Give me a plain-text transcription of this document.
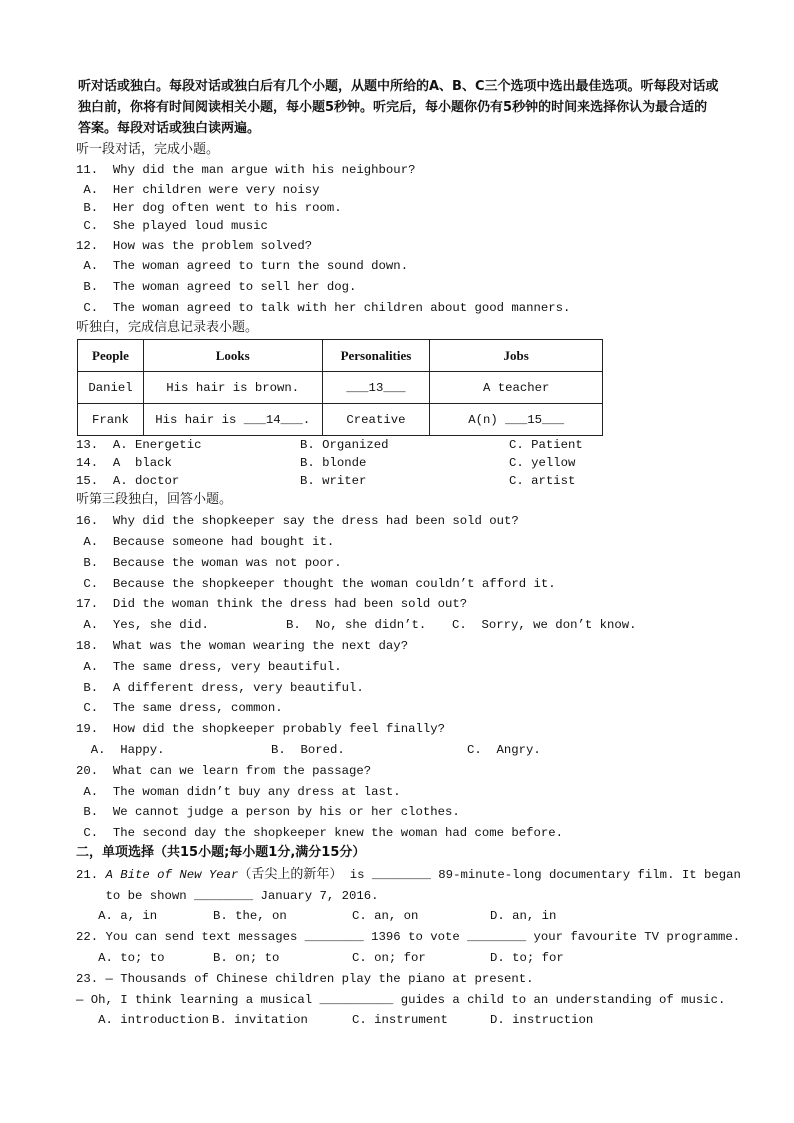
听对话或独白。每段对话或独白后有几个小题，从题中所给的A、B、C三个选项中选出最佳选项。听每段对话或独白前，你将有时间阅读相关小题，每小题5秒钟。听完后，每小题你仍有5秒钟的时间来选择你认为最合适的答案。每段对话或独白读两遍。
听一段对话，完成小题。
11.  Why did the man argue with his neighbour?
A.  Her children were very noisy
B.  Her dog often went to his room.
C.  She played loud music
12.  How was the problem solved?
A.  The woman agreed to turn the sound down.
B.  The woman agreed to sell her dog.
C.  The woman agreed to talk with her children about good manners.
听独白，完成信息记录表小题。
People	Looks	Personalities	Jobs
Daniel	His hair is brown.	___13___	A teacher
Frank	His hair is ___14___.	Creative	A(n) ___15___
13.  A. Energetic	B. Organized	C. Patient
14.  A  black	B. blonde	C. yellow
15.  A. doctor	B. writer	C. artist
听第三段独白，回答小题。
16.  Why did the shopkeeper say the dress had been sold out?
A.  Because someone had bought it.
B.  Because the woman was not poor.
C.  Because the shopkeeper thought the woman couldn’t afford it.
17.  Did the woman think the dress had been sold out?
A.  Yes, she did.	B.  No, she didn’t. C.  Sorry, we don’t know.
18.  What was the woman wearing the next day?
A.  The same dress, very beautiful.
B.  A different dress, very beautiful.
C.  The same dress, common.
19.  How did the shopkeeper probably feel finally?
A.  Happy.	B.  Bored.	C.  Angry.
20.  What can we learn from the passage?
A.  The woman didn’t buy any dress at last.
B.  We cannot judge a person by his or her clothes.
C.  The second day the shopkeeper knew the woman had come before.
二，单项选择（共15小题;每小题1分,满分15分）
21. A Bite of New Year（舌尖上的新年） is ________ 89-minute-long documentary film. It began
to be shown ________ January 7, 2016.
A. a, in	B. the, on	C. an, on	D. an, in
22. You can send text messages ________ 1396 to vote ________ your favourite TV programme.
A. to; to	B. on; to	C. on; for	D. to; for
23. — Thousands of Chinese children play the piano at present.
— Oh, I think learning a musical __________ guides a child to an understanding of music.
A. introduction B. invitation	C. instrument	D. instruction
